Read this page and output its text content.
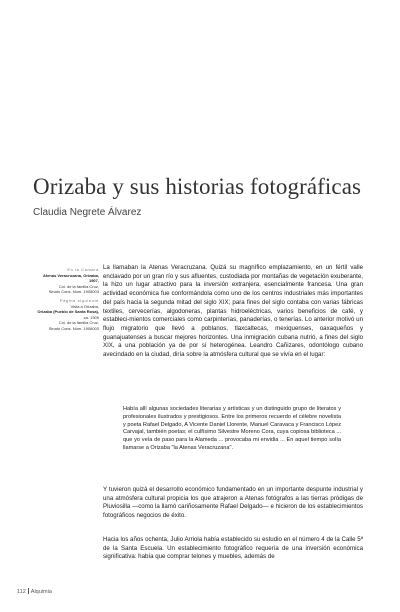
Orizaba y sus historias fotográficas
Claudia Negrete Álvarez
En la Cámara
Atenas Veracruzana, Orizaba, 1907,
Col. de la familia Cruz,
Sinafo Cons. Núm. 1908003
Página siguiente
Vista a Orizaba,
Orizaba (Pueblo de Santa Rosa),
ca. 1909
Col. de la familia Cruz,
Sinafo Cons. Núm. 1908003

La llamaban la Atenas Veracruzana. Quizá su magnífico emplazamiento, en un fértil valle enclavado por un gran río y sus afluentes, custodiada por montañas de vegetación exuberante, la hizo un lugar atractivo para la inversión extranjera, esencialmente francesa. Una gran actividad económica fue conformándola como uno de los centros industriales más importantes del país hacia la segunda mitad del siglo XIX; para fines del siglo contaba con varias fábricas textiles, cervecerías, algodoneras, plantas hidroeléctricas, varios beneficios de café, y estableci-mientos comerciales como carpinterías, panaderías, o tenerías. Lo anterior motivó un flujo migratorio que llevó a poblanos, tlaxcaltecas, mexiquenses, oaxaqueños y guanajuatenses a buscar mejores horizontes. Una inmigración cubana nutrió, a fines del siglo XIX, a una población ya de por sí heterogénea. Leandro Cañizares, odontólogo cubano avecindado en la ciudad, diría sobre la atmósfera cultural que se vivía en el lugar:

Había allí algunas sociedades literarias y artísticas y un distinguido grupo de literatos y profesionales ilustrados y prestigiosos. Entre los primeros recuerdo el célebre novelista y poeta Rafael Delgado, A Vicente Daniel Llorente, Manuel Caravaca y Francisco López Carvajal, también poetas; el culfísimo Silvestre Moreno Cora, cuya copiosa biblioteca ... que yo veía de paso para la Alameda ... provocaba mi envidia ... En aquel tiempo solía llamarse a Orizaba "la Atenas Veracruzana".

Y tuvieron quizá el desarrollo económico fundamentado en un importante despunte industrial y una atmósfera cultural propicia los que atrajeron a Atenas fotógrafos a las tierras pródigas de Pluviosilla —como la llamó cariñosamente Rafael Delgado— e hicieron de los establecimientos fotográficos negocios de éxito.

Hacia los años ochenta, Julio Arriola había establecido su estudio en el número 4 de la Calle 5ª de la Santa Escuela. Un establecimiento fotográfico requería de una inversión económica significativa: había que comprar telones y muebles, además de

112 Alquimia
